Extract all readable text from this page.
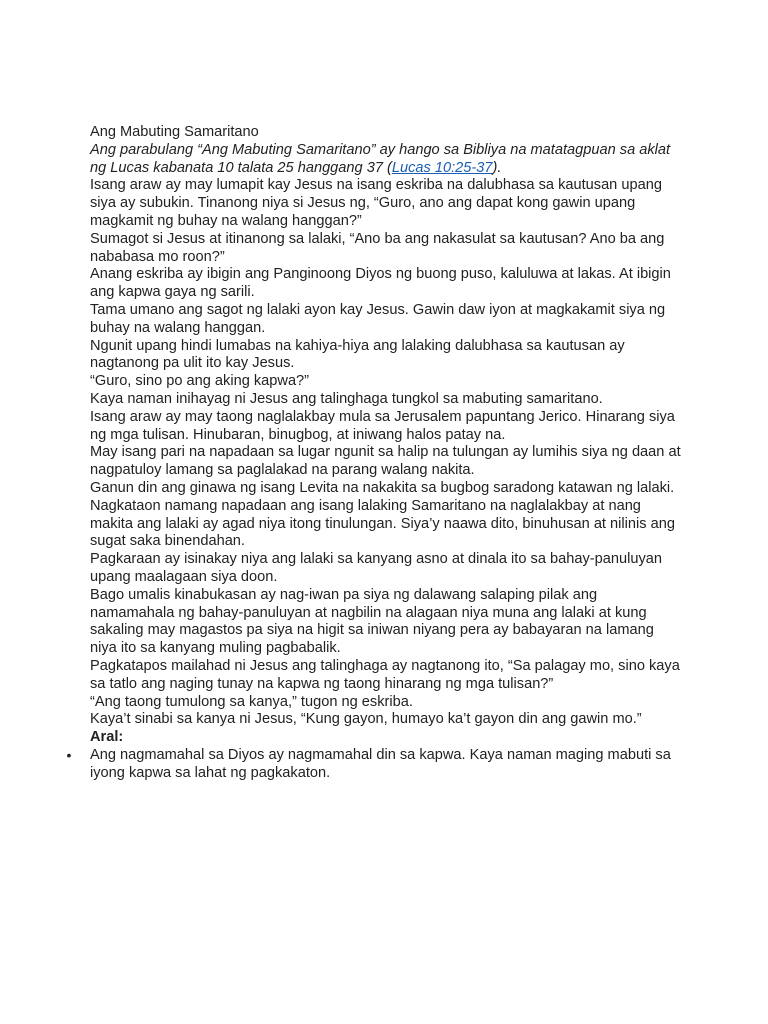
Ang Mabuting Samaritano

Ang parabulang “Ang Mabuting Samaritano” ay hango sa Bibliya na matatagpuan sa aklat ng Lucas kabanata 10 talata 25 hanggang 37 (Lucas 10:25-37).

Isang araw ay may lumapit kay Jesus na isang eskriba na dalubhasa sa kautusan upang siya ay subukin. Tinanong niya si Jesus ng, “Guro, ano ang dapat kong gawin upang magkamit ng buhay na walang hanggan?”

Sumagot si Jesus at itinanong sa lalaki, “Ano ba ang nakasulat sa kautusan? Ano ba ang nababasa mo roon?”

Anang eskriba ay ibigin ang Panginoong Diyos ng buong puso, kaluluwa at lakas. At ibigin ang kapwa gaya ng sarili.

Tama umano ang sagot ng lalaki ayon kay Jesus. Gawin daw iyon at magkakamit siya ng buhay na walang hanggan.

Ngunit upang hindi lumabas na kahiya-hiya ang lalaking dalubhasa sa kautusan ay nagtanong pa ulit ito kay Jesus.

“Guro, sino po ang aking kapwa?”

Kaya naman inihayag ni Jesus ang talinghaga tungkol sa mabuting samaritano.

Isang araw ay may taong naglalakbay mula sa Jerusalem papuntang Jerico. Hinarang siya ng mga tulisan. Hinubaran, binugbog, at iniwang halos patay na.

May isang pari na napadaan sa lugar ngunit sa halip na tulungan ay lumihis siya ng daan at nagpatuloy lamang sa paglalakad na parang walang nakita.

Ganun din ang ginawa ng isang Levita na nakakita sa bugbog saradong katawan ng lalaki.

Nagkataon namang napadaan ang isang lalaking Samaritano na naglalakbay at nang makita ang lalaki ay agad niya itong tinulungan. Siya’y naawa dito, binuhusan at nilinis ang sugat saka binendahan.

Pagkaraan ay isinakay niya ang lalaki sa kanyang asno at dinala ito sa bahay-panuluyan upang maalagaan siya doon.

Bago umalis kinabukasan ay nag-iwan pa siya ng dalawang salaping pilak ang namamahala ng bahay-panuluyan at nagbilin na alagaan niya muna ang lalaki at kung sakaling may magastos pa siya na higit sa iniwan niyang pera ay babayaran na lamang niya ito sa kanyang muling pagbabalik.

Pagkatapos mailahad ni Jesus ang talinghaga ay nagtanong ito, “Sa palagay mo, sino kaya sa tatlo ang naging tunay na kapwa ng taong hinarang ng mga tulisan?”

“Ang taong tumulong sa kanya,” tugon ng eskriba.

Kaya’t sinabi sa kanya ni Jesus, “Kung gayon, humayo ka’t gayon din ang gawin mo.”

Aral:

• Ang nagmamahal sa Diyos ay nagmamahal din sa kapwa. Kaya naman maging mabuti sa iyong kapwa sa lahat ng pagkakaton.
